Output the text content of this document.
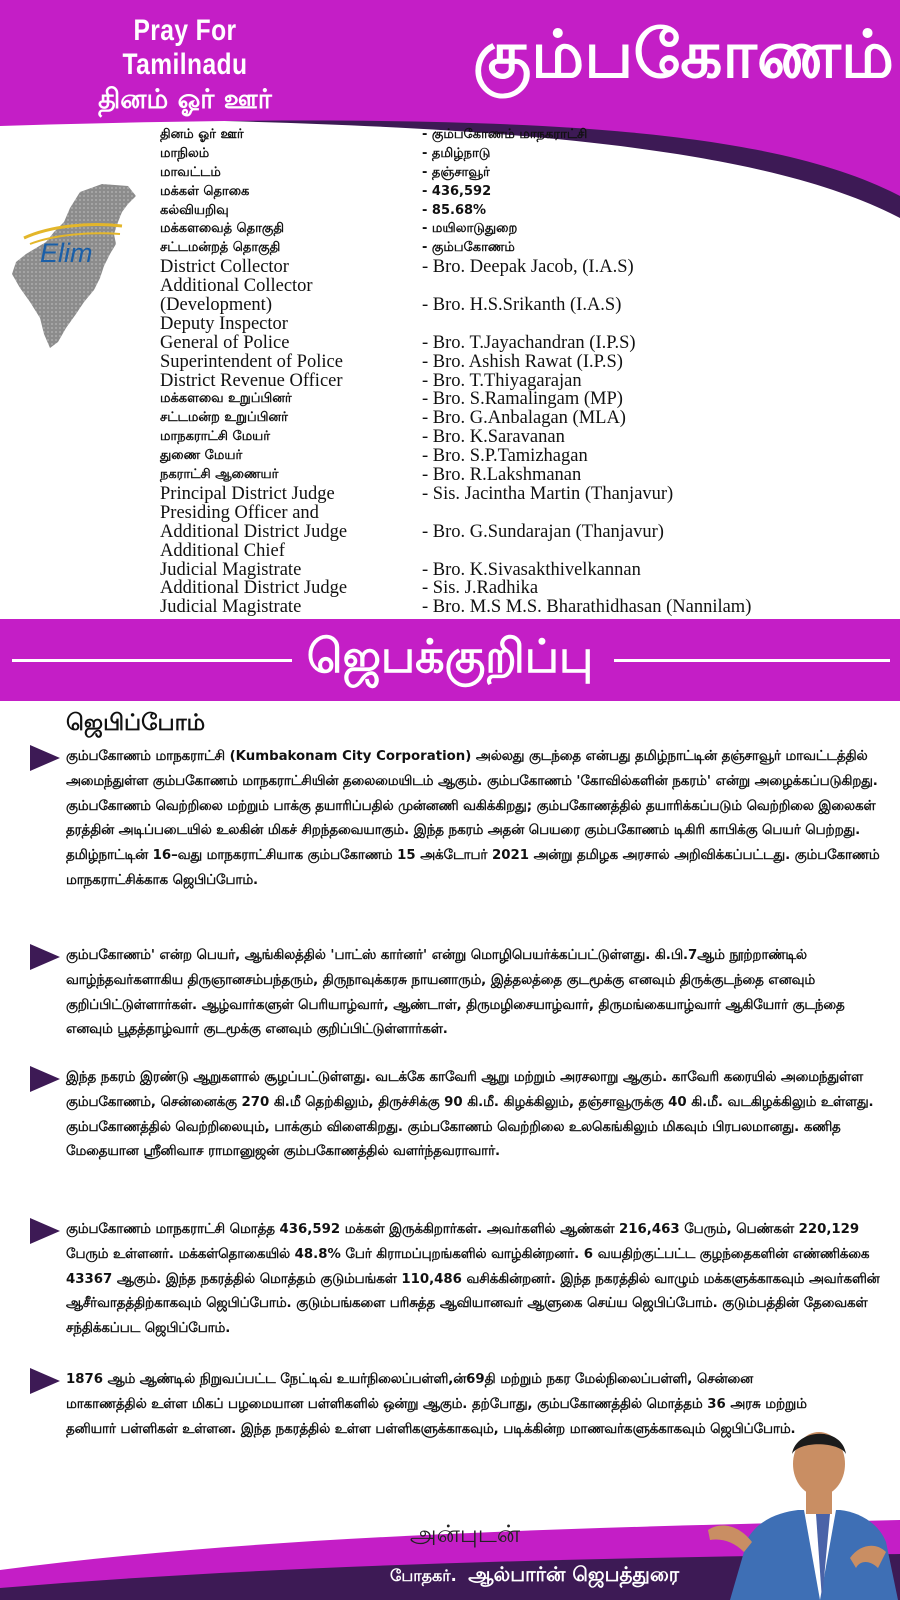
Pray For Tamilnadu
தினம் ஓர் ஊர்
கும்பகோணம்
Elim
தினம் ஓர் ஊர்	- கும்பகோணம் மாநகராட்சி
மாநிலம்	- தமிழ்நாடு
மாவட்டம்	- தஞ்சாவூர்
மக்கள் தொகை	- 436,592
கல்வியறிவு	- 85.68%
மக்களவைத் தொகுதி	- மயிலாடுதுறை
சட்டமன்றத் தொகுதி	- கும்பகோணம்
District Collector	- Bro. Deepak Jacob, (I.A.S)
Additional Collector
(Development)	- Bro. H.S.Srikanth (I.A.S)
Deputy Inspector
General of Police	- Bro. T.Jayachandran (I.P.S)
Superintendent of Police	- Bro. Ashish Rawat (I.P.S)
District Revenue Officer	- Bro. T.Thiyagarajan
மக்களவை உறுப்பினர்	- Bro. S.Ramalingam (MP)
சட்டமன்ற உறுப்பினர்	- Bro. G.Anbalagan (MLA)
மாநகராட்சி மேயர்	- Bro. K.Saravanan
துணை மேயர்	- Bro. S.P.Tamizhagan
நகராட்சி ஆணையர்	- Bro. R.Lakshmanan
Principal District Judge	- Sis. Jacintha Martin (Thanjavur)
Presiding Officer and
Additional District Judge	- Bro. G.Sundarajan (Thanjavur)
Additional Chief
Judicial Magistrate	- Bro. K.Sivasakthivelkannan
Additional District Judge	- Sis. J.Radhika
Judicial Magistrate	- Bro. M.S M.S. Bharathidhasan (Nannilam)
ஜெபக்குறிப்பு
ஜெபிப்போம்
கும்பகோணம் மாநகராட்சி (Kumbakonam City Corporation) அல்லது குடந்தை என்பது தமிழ்நாட்டின் தஞ்சாவூர் மாவட்டத்தில் அமைந்துள்ள கும்பகோணம் மாநகராட்சியின் தலைமையிடம் ஆகும். கும்பகோணம் 'கோவில்களின் நகரம்' என்று அழைக்கப்படுகிறது. கும்பகோணம் வெற்றிலை மற்றும் பாக்கு தயாரிப்பதில் முன்னணி வகிக்கிறது; கும்பகோணத்தில் தயாரிக்கப்படும் வெற்றிலை இலைகள் தரத்தின் அடிப்படையில் உலகின் மிகச் சிறந்தவையாகும். இந்த நகரம் அதன் பெயரை கும்பகோணம் டிகிரி காபிக்கு பெயர் பெற்றது. தமிழ்நாட்டின் 16–வது மாநகராட்சியாக கும்பகோணம் 15 அக்டோபர் 2021 அன்று தமிழக அரசால் அறிவிக்கப்பட்டது. கும்பகோணம் மாநகராட்சிக்காக ஜெபிப்போம்.
கும்பகோணம்' என்ற பெயர், ஆங்கிலத்தில் 'பாட்ஸ் கார்னர்' என்று மொழிபெயர்க்கப்பட்டுள்ளது. கி.பி.7ஆம் நூற்றாண்டில் வாழ்ந்தவர்களாகிய திருஞானசம்பந்தரும், திருநாவுக்கரசு நாயனாரும், இத்தலத்தை குடமூக்கு எனவும் திருக்குடந்தை எனவும் குறிப்பிட்டுள்ளார்கள். ஆழ்வார்களுள் பெரியாழ்வார், ஆண்டாள், திருமழிசையாழ்வார், திருமங்கையாழ்வார் ஆகியோர் குடந்தை எனவும் பூதத்தாழ்வார் குடமூக்கு எனவும் குறிப்பிட்டுள்ளார்கள்.
இந்த நகரம் இரண்டு ஆறுகளால் சூழப்பட்டுள்ளது. வடக்கே காவேரி ஆறு மற்றும் அரசலாறு ஆகும். காவேரி கரையில் அமைந்துள்ள கும்பகோணம், சென்னைக்கு 270 கி.மீ தெற்கிலும், திருச்சிக்கு 90 கி.மீ. கிழக்கிலும், தஞ்சாவூருக்கு 40 கி.மீ. வடகிழக்கிலும் உள்ளது. கும்பகோணத்தில் வெற்றிலையும், பாக்கும் விளைகிறது. கும்பகோணம் வெற்றிலை உலகெங்கிலும் மிகவும் பிரபலமானது. கணித மேதையான ஸ்ரீனிவாச ராமானுஜன் கும்பகோணத்தில் வளர்ந்தவராவார்.
கும்பகோணம் மாநகராட்சி மொத்த 436,592 மக்கள் இருக்கிறார்கள். அவர்களில் ஆண்கள் 216,463 பேரும், பெண்கள் 220,129 பேரும் உள்ளனர். மக்கள்தொகையில் 48.8% பேர் கிராமப்புறங்களில் வாழ்கின்றனர். 6 வயதிற்குட்பட்ட குழந்தைகளின் எண்ணிக்கை 43367 ஆகும். இந்த நகரத்தில் மொத்தம் குடும்பங்கள் 110,486 வசிக்கின்றனர். இந்த நகரத்தில் வாழும் மக்களுக்காகவும் அவர்களின் ஆசீர்வாதத்திற்காகவும் ஜெபிப்போம். குடும்பங்களை பரிசுத்த ஆவியானவர் ஆளுகை செய்ய ஜெபிப்போம். குடும்பத்தின் தேவைகள் சந்திக்கப்பட ஜெபிப்போம்.
1876 ஆம் ஆண்டில் நிறுவப்பட்ட நேட்டிவ் உயர்நிலைப்பள்ளி,ன்69தி மற்றும் நகர மேல்நிலைப்பள்ளி, சென்னை மாகாணத்தில் உள்ள மிகப் பழமையான பள்ளிகளில் ஒன்று ஆகும். தற்போது, கும்பகோணத்தில் மொத்தம் 36 அரசு மற்றும் தனியார் பள்ளிகள் உள்ளன. இந்த நகரத்தில் உள்ள பள்ளிகளுக்காகவும், படிக்கின்ற மாணவர்களுக்காகவும் ஜெபிப்போம்.
அன்புடன்
போதகர். ஆல்பார்ன் ஜெபத்துரை
